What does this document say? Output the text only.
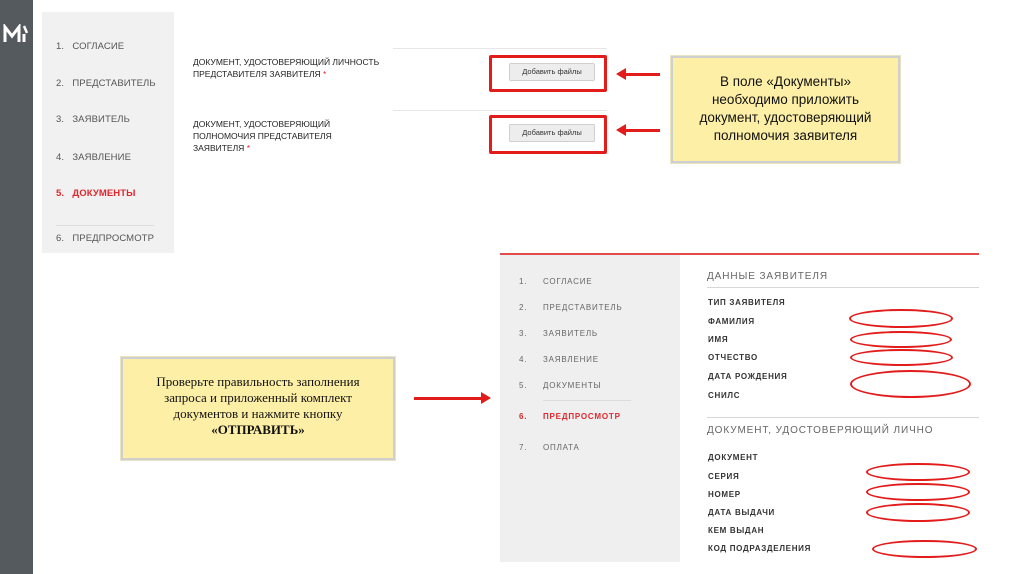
1. СОГЛАСИЕ
2. ПРЕДСТАВИТЕЛЬ
3. ЗАЯВИТЕЛЬ
4. ЗАЯВЛЕНИЕ
5. ДОКУМЕНТЫ
6. ПРЕДПРОСМОТР
ДОКУМЕНТ, УДОСТОВЕРЯЮЩИЙ ЛИЧНОСТЬ
ПРЕДСТАВИТЕЛЯ ЗАЯВИТЕЛЯ *	Добавить файлы
ДОКУМЕНТ, УДОСТОВЕРЯЮЩИЙ
ПОЛНОМОЧИЯ ПРЕДСТАВИТЕЛЯ
ЗАЯВИТЕЛЯ *
Добавить файлы
В поле «Документы»
необходимо приложить
документ, удостоверяющий
полномочия заявителя
Проверьте правильность заполнения
запроса и приложенный комплект
документов и нажмите кнопку
«ОТПРАВИТЬ»
1. СОГЛАСИЕ
2. ПРЕДСТАВИТЕЛЬ
3. ЗАЯВИТЕЛЬ
4. ЗАЯВЛЕНИЕ
5. ДОКУМЕНТЫ
6. ПРЕДПРОСМОТР
7. ОПЛАТА
ДАННЫЕ ЗАЯВИТЕЛЯ
ТИП ЗАЯВИТЕЛЯ
ФАМИЛИЯ
ИМЯ
ОТЧЕСТВО
ДАТА РОЖДЕНИЯ
СНИЛС
ДОКУМЕНТ, УДОСТОВЕРЯЮЩИЙ ЛИЧНО
ДОКУМЕНТ
СЕРИЯ
НОМЕР
ДАТА ВЫДАЧИ
КЕМ ВЫДАН
КОД ПОДРАЗДЕЛЕНИЯ
